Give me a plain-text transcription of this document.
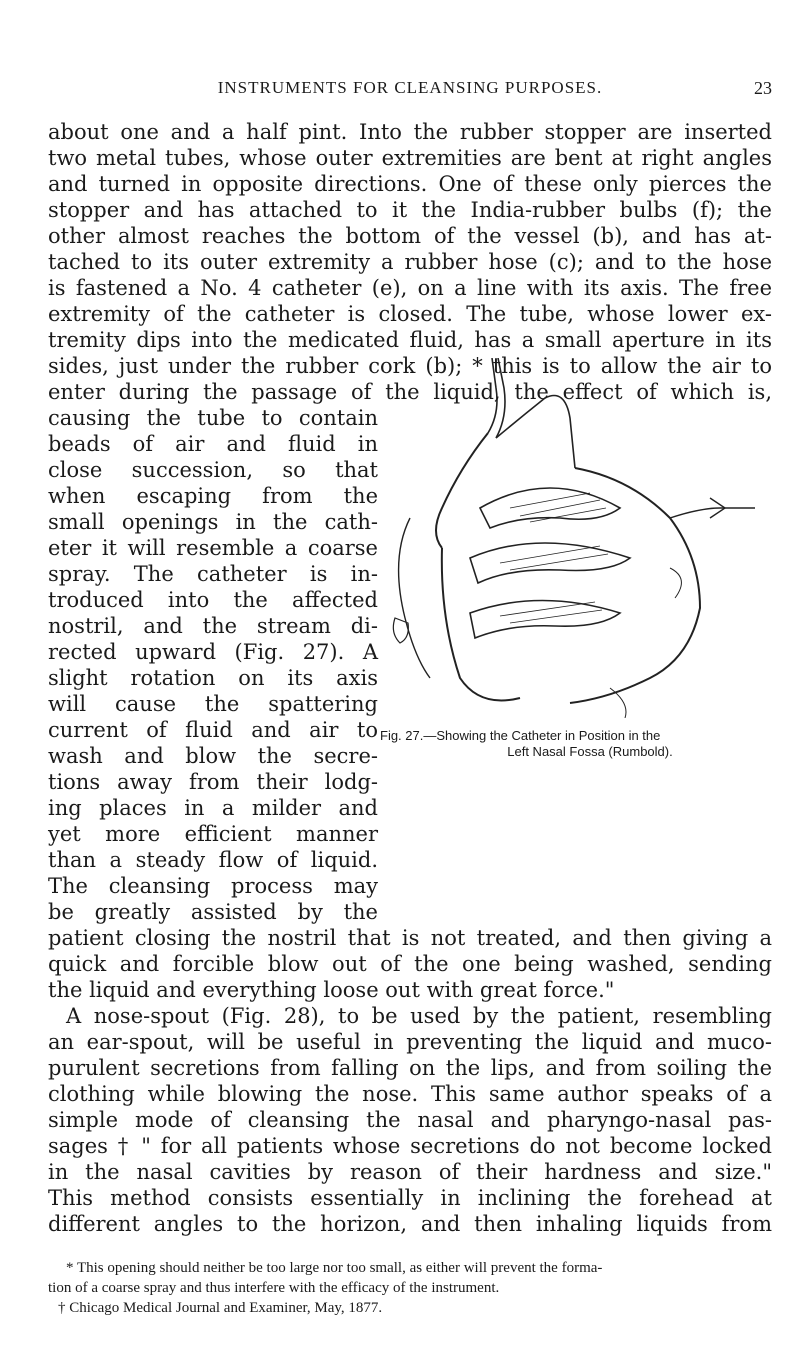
INSTRUMENTS FOR CLEANSING PURPOSES.	23
about one and a half pint. Into the rubber stopper are inserted
two metal tubes, whose outer extremities are bent at right angles
and turned in opposite directions. One of these only pierces the
stopper and has attached to it the India-rubber bulbs (f); the
other almost reaches the bottom of the vessel (b), and has at-
tached to its outer extremity a rubber hose (c); and to the hose
is fastened a No. 4 catheter (e), on a line with its axis. The free
extremity of the catheter is closed. The tube, whose lower ex-
tremity dips into the medicated fluid, has a small aperture in its
sides, just under the rubber cork (b); * this is to allow the air to
enter during the passage of the liquid, the effect of which is,
causing the tube to contain
beads of air and fluid in
close succession, so that
when escaping from the
small openings in the cath-
eter it will resemble a coarse
spray. The catheter is in-
troduced into the affected
nostril, and the stream di-
rected upward (Fig. 27). A
slight rotation on its axis
will cause the spattering
current of fluid and air to
wash and blow the secre-
tions away from their lodg-
ing places in a milder and
yet more efficient manner
than a steady flow of liquid.
The cleansing process may
be greatly assisted by the
Fig. 27.—Showing the Catheter in Position in the
Left Nasal Fossa (Rumbold).
patient closing the nostril that is not treated, and then giving a
quick and forcible blow out of the one being washed, sending
the liquid and everything loose out with great force."
A nose-spout (Fig. 28), to be used by the patient, resembling
an ear-spout, will be useful in preventing the liquid and muco-
purulent secretions from falling on the lips, and from soiling the
clothing while blowing the nose. This same author speaks of a
simple mode of cleansing the nasal and pharyngo-nasal pas-
sages † " for all patients whose secretions do not become locked
in the nasal cavities by reason of their hardness and size."
This method consists essentially in inclining the forehead at
different angles to the horizon, and then inhaling liquids from
* This opening should neither be too large nor too small, as either will prevent the forma-
tion of a coarse spray and thus interfere with the efficacy of the instrument.
† Chicago Medical Journal and Examiner, May, 1877.
